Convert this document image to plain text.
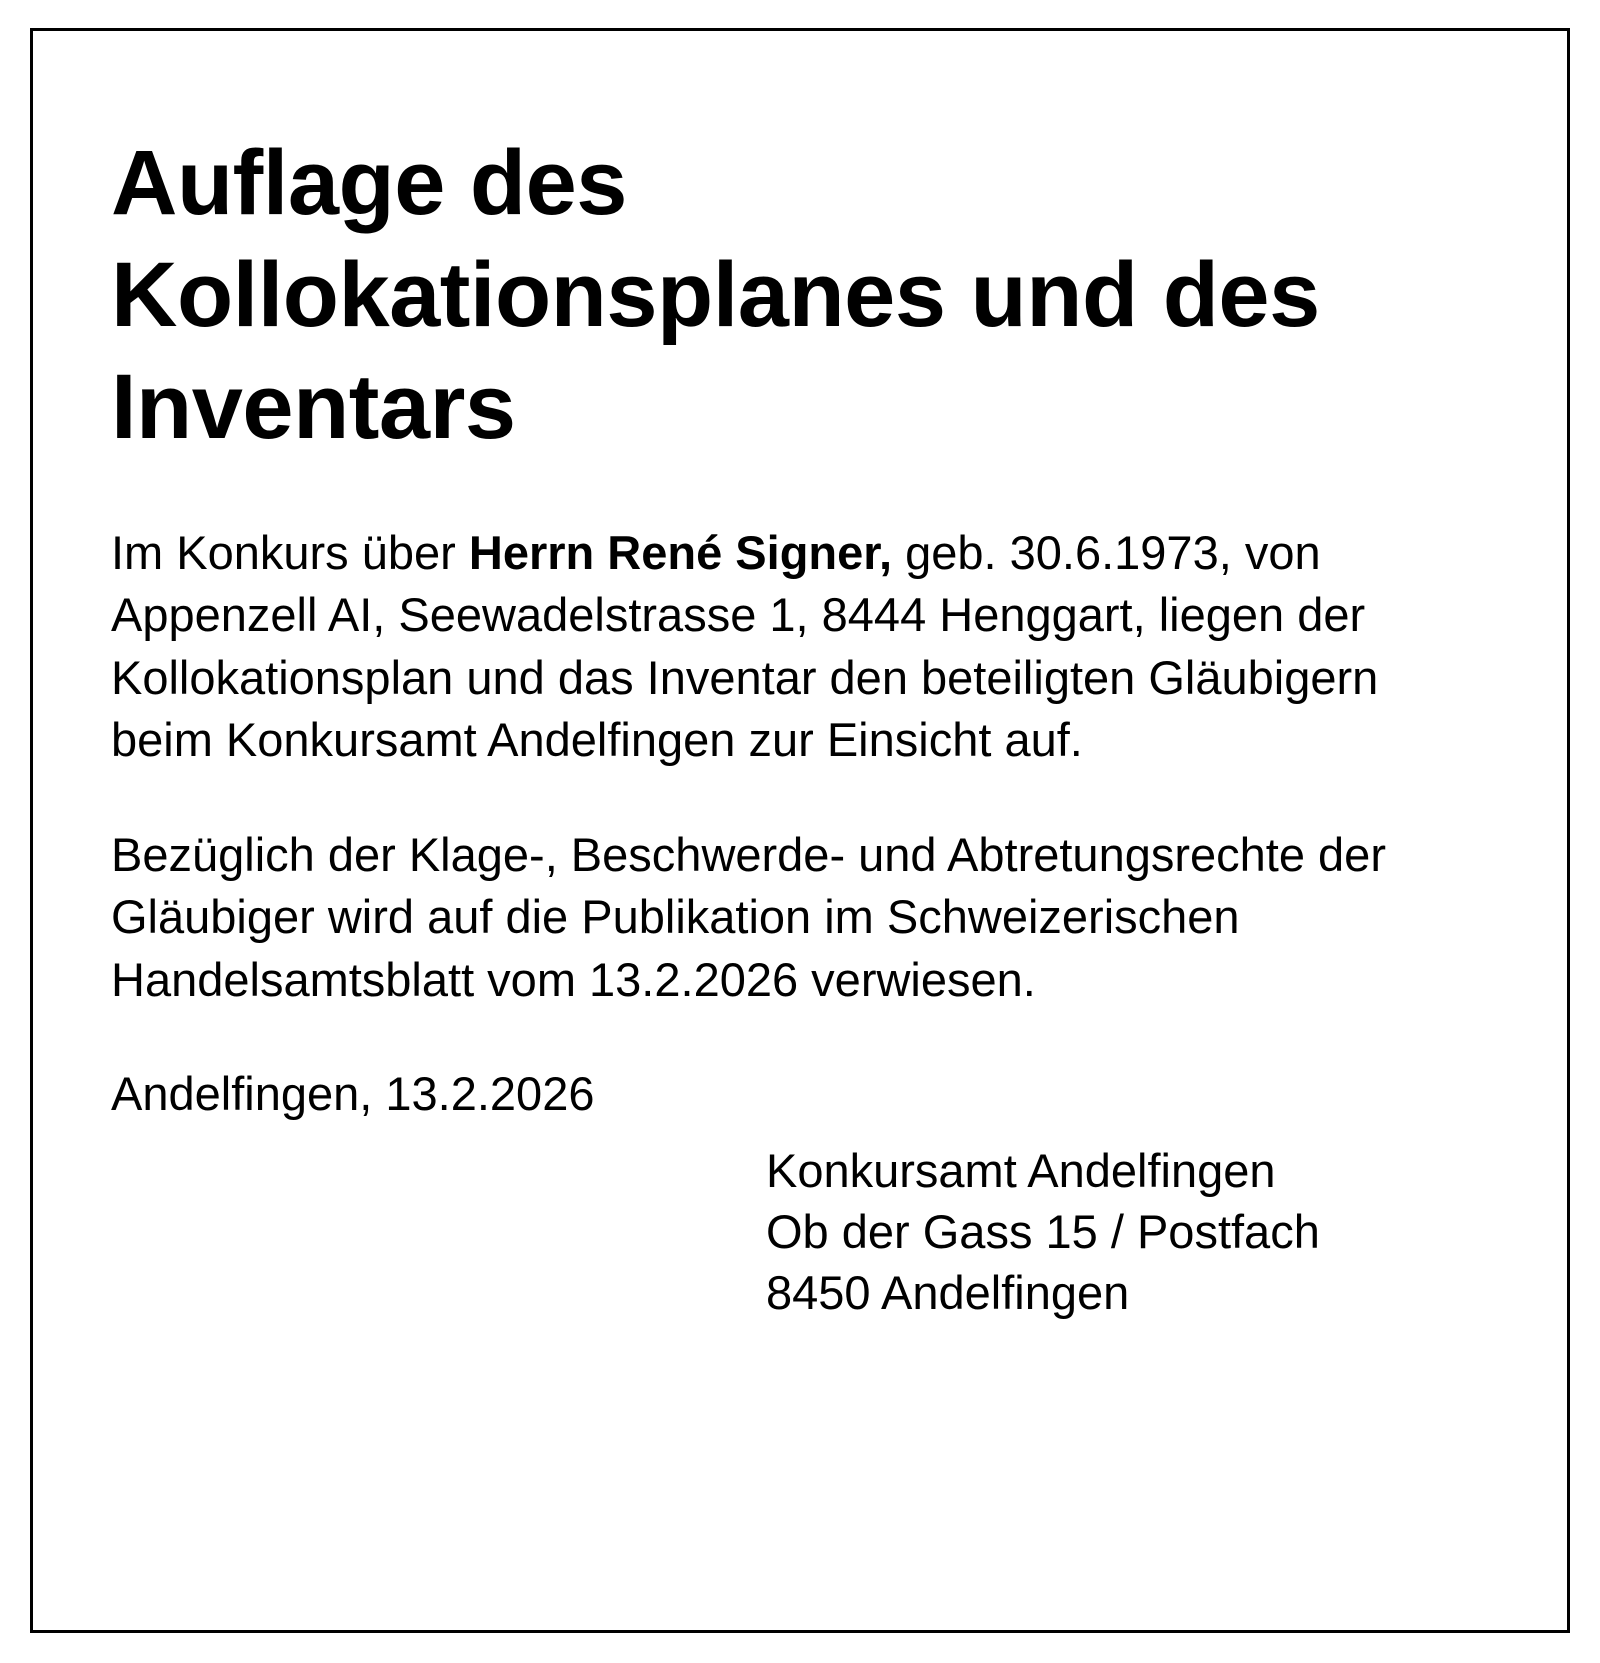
Auflage des Kollokationsplanes und des Inventars

Im Konkurs über Herrn René Signer, geb. 30.6.1973, von Appenzell AI, Seewadelstrasse 1, 8444 Henggart, liegen der Kollokationsplan und das Inventar den beteiligten Gläubigern beim Konkursamt Andelfingen zur Einsicht auf.

Bezüglich der Klage-, Beschwerde- und Abtretungsrechte der Gläubiger wird auf die Publikation im Schweizerischen Handelsamtsblatt vom 13.2.2026 verwiesen.

Andelfingen, 13.2.2026

Konkursamt Andelfingen
Ob der Gass 15 / Postfach
8450 Andelfingen
